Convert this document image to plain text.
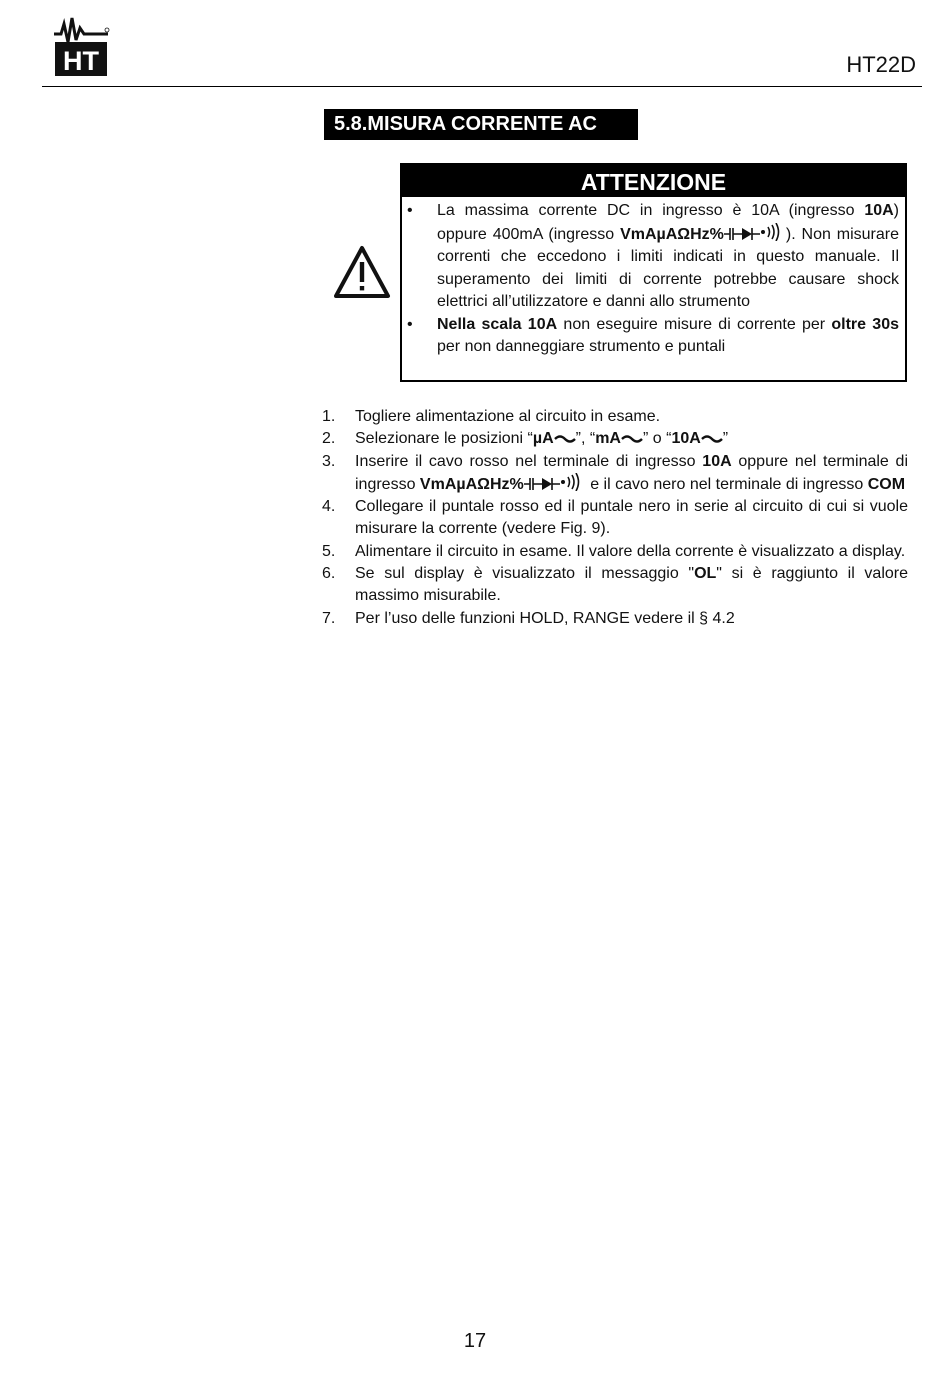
HT	HT22D
5.8.MISURA CORRENTE AC
ATTENZIONE
• La massima corrente DC in ingresso è 10A (ingresso 10A) oppure 400mA (ingresso VmAµAΩHz%	). Non misurare correnti che eccedono i limiti indicati in questo manuale. Il superamento dei limiti di corrente potrebbe causare shock elettrici all’utilizzatore e danni allo strumento
• Nella scala 10A non eseguire misure di corrente per oltre 30s per non danneggiare strumento e puntali
1. Togliere alimentazione al circuito in esame.
2. Selezionare le posizioni “µA ”, “mA ” o “10A ”
3. Inserire il cavo rosso nel terminale di ingresso 10A oppure nel terminale di ingresso VmAµAΩHz%	e il cavo nero nel terminale di ingresso COM
4. Collegare il puntale rosso ed il puntale nero in serie al circuito di cui si vuole misurare la corrente (vedere Fig. 9).
5. Alimentare il circuito in esame. Il valore della corrente è visualizzato a display.
6. Se sul display è visualizzato il messaggio "OL" si è raggiunto il valore massimo misurabile.
7. Per l’uso delle funzioni HOLD, RANGE vedere il § 4.2
17
